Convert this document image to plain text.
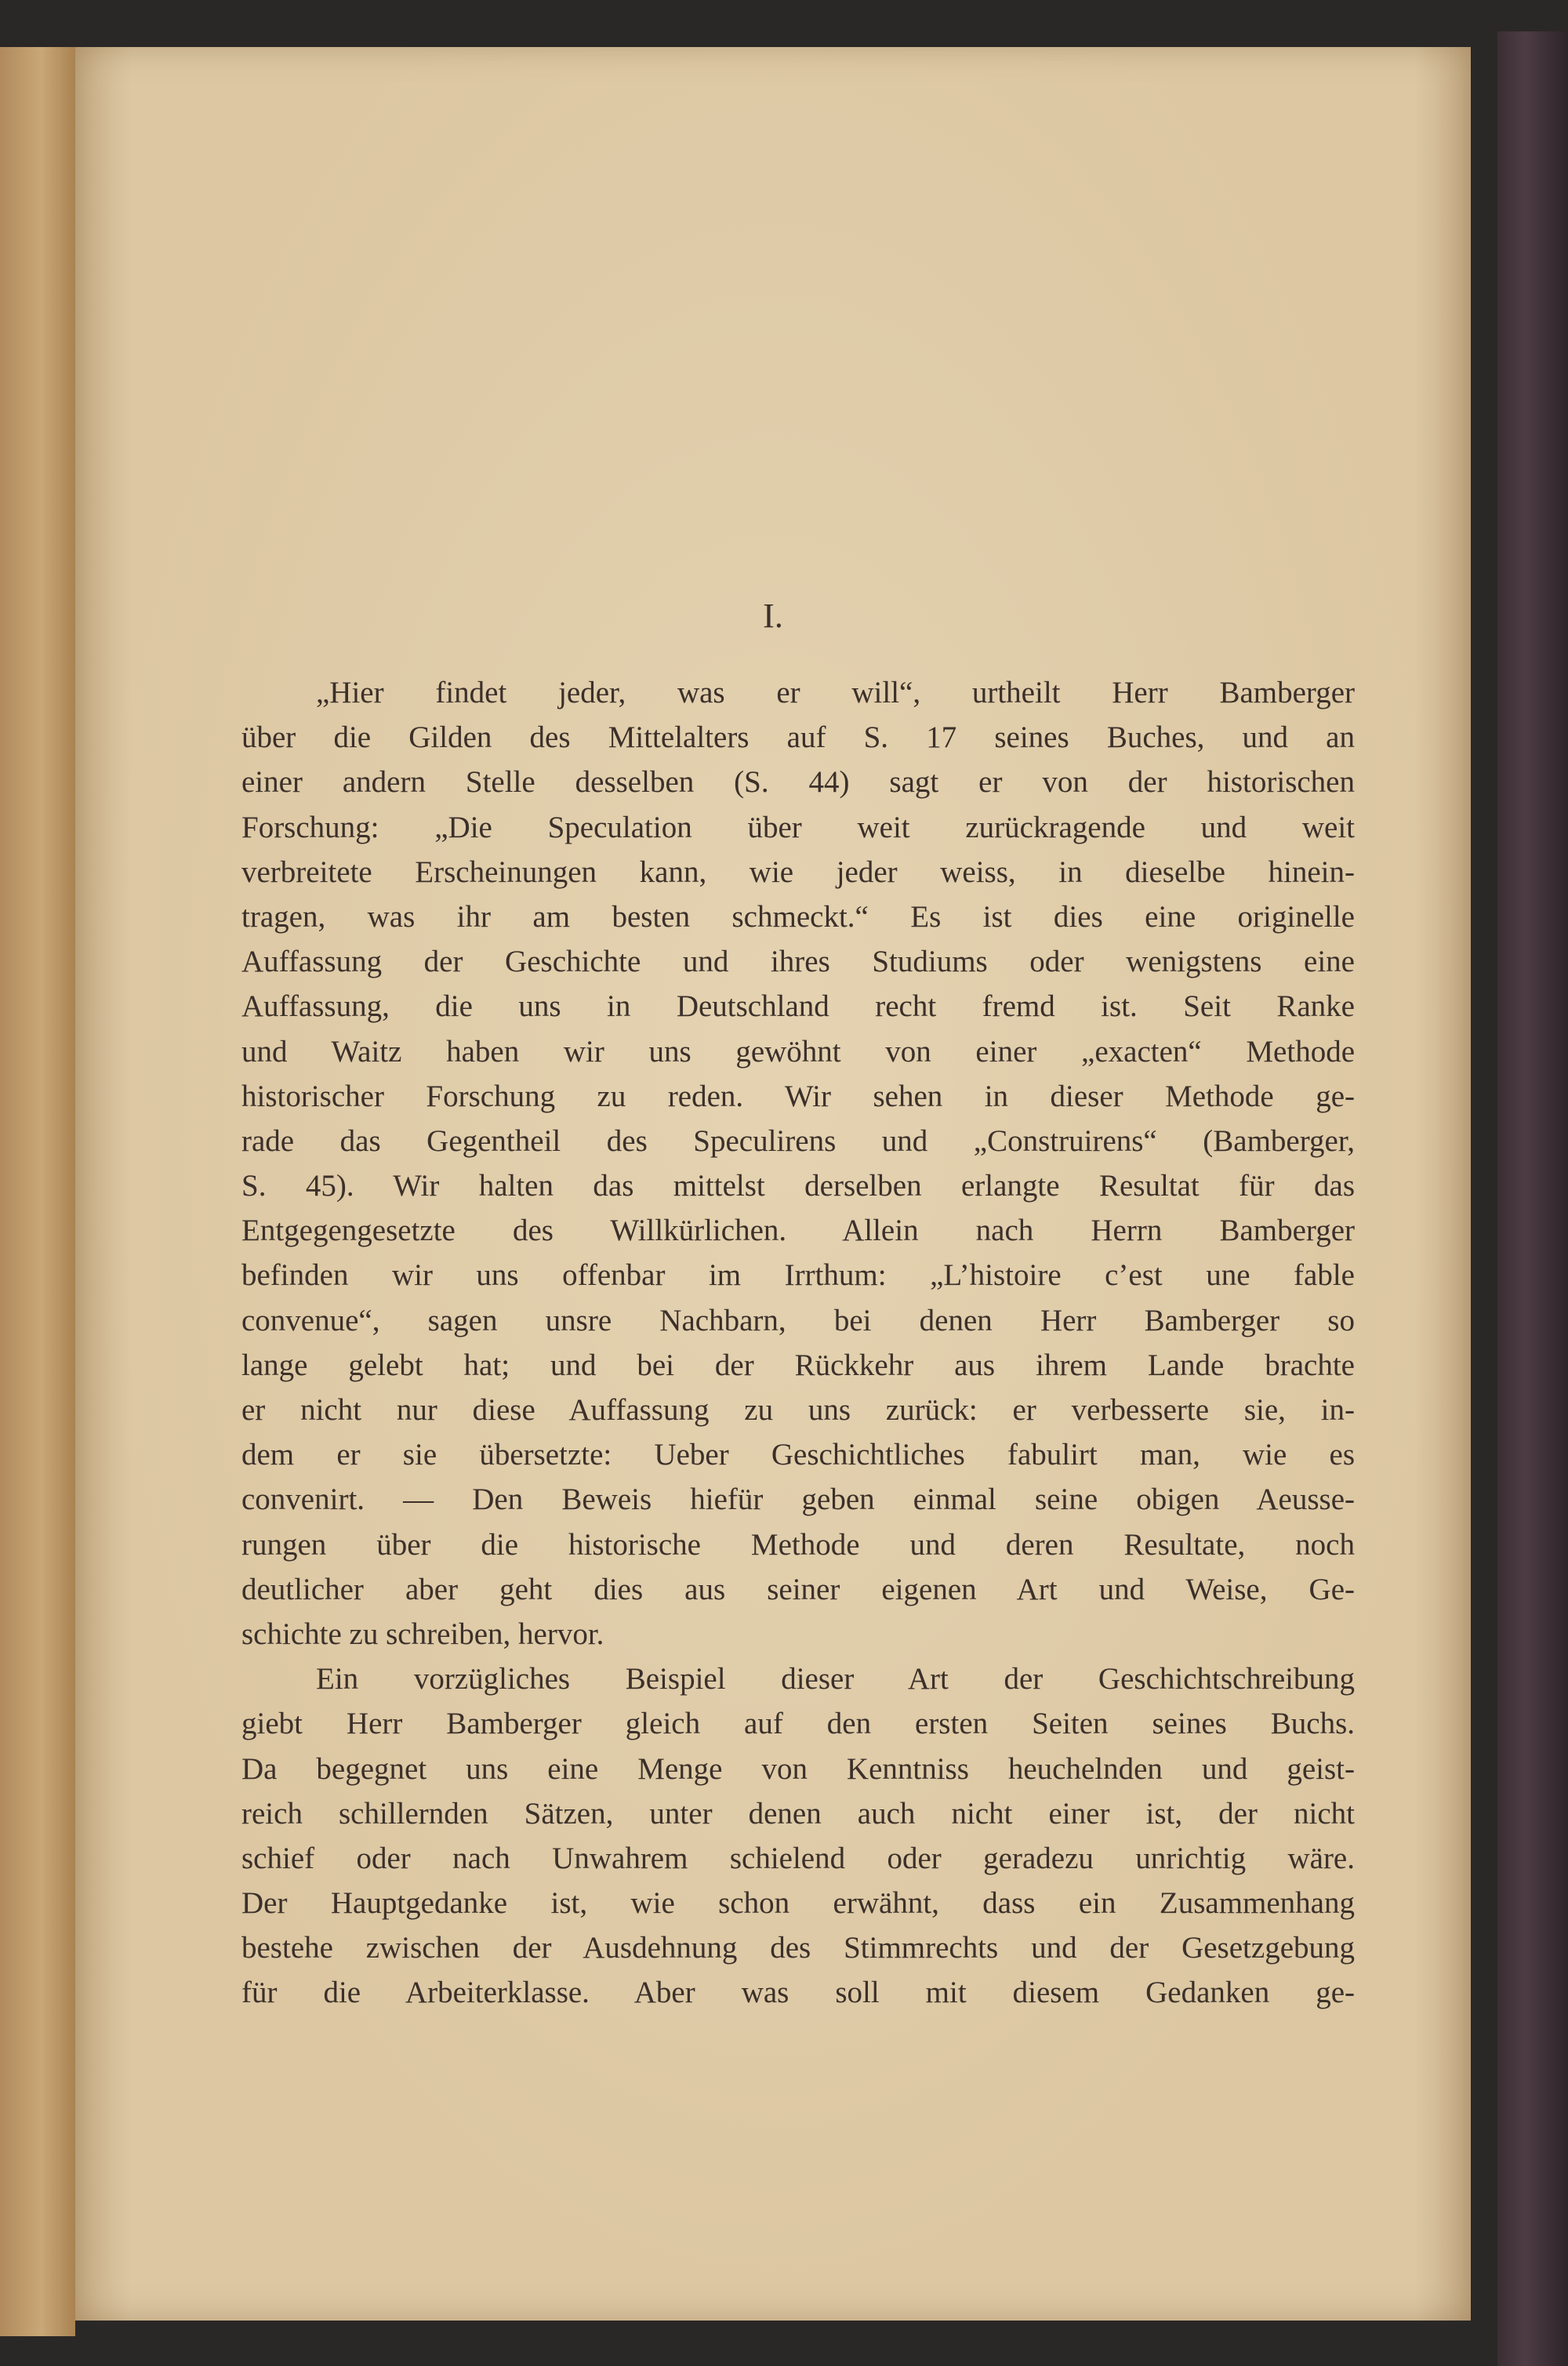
I.
„Hier findet jeder, was er will“, urtheilt Herr Bamberger
über die Gilden des Mittelalters auf S. 17 seines Buches, und an
einer andern Stelle desselben (S. 44) sagt er von der historischen
Forschung: „Die Speculation über weit zurückragende und weit
verbreitete Erscheinungen kann, wie jeder weiss, in dieselbe hinein-
tragen, was ihr am besten schmeckt.“ Es ist dies eine originelle
Auffassung der Geschichte und ihres Studiums oder wenigstens eine
Auffassung, die uns in Deutschland recht fremd ist. Seit Ranke
und Waitz haben wir uns gewöhnt von einer „exacten“ Methode
historischer Forschung zu reden. Wir sehen in dieser Methode ge-
rade das Gegentheil des Speculirens und „Construirens“ (Bamberger,
S. 45). Wir halten das mittelst derselben erlangte Resultat für das
Entgegengesetzte des Willkürlichen. Allein nach Herrn Bamberger
befinden wir uns offenbar im Irrthum: „L’histoire c’est une fable
convenue“, sagen unsre Nachbarn, bei denen Herr Bamberger so
lange gelebt hat; und bei der Rückkehr aus ihrem Lande brachte
er nicht nur diese Auffassung zu uns zurück: er verbesserte sie, in-
dem er sie übersetzte: Ueber Geschichtliches fabulirt man, wie es
convenirt. — Den Beweis hiefür geben einmal seine obigen Aeusse-
rungen über die historische Methode und deren Resultate, noch
deutlicher aber geht dies aus seiner eigenen Art und Weise, Ge-
schichte zu schreiben, hervor.
Ein vorzügliches Beispiel dieser Art der Geschichtschreibung
giebt Herr Bamberger gleich auf den ersten Seiten seines Buchs.
Da begegnet uns eine Menge von Kenntniss heuchelnden und geist-
reich schillernden Sätzen, unter denen auch nicht einer ist, der nicht
schief oder nach Unwahrem schielend oder geradezu unrichtig wäre.
Der Hauptgedanke ist, wie schon erwähnt, dass ein Zusammenhang
bestehe zwischen der Ausdehnung des Stimmrechts und der Gesetzgebung
für die Arbeiterklasse. Aber was soll mit diesem Gedanken ge-
